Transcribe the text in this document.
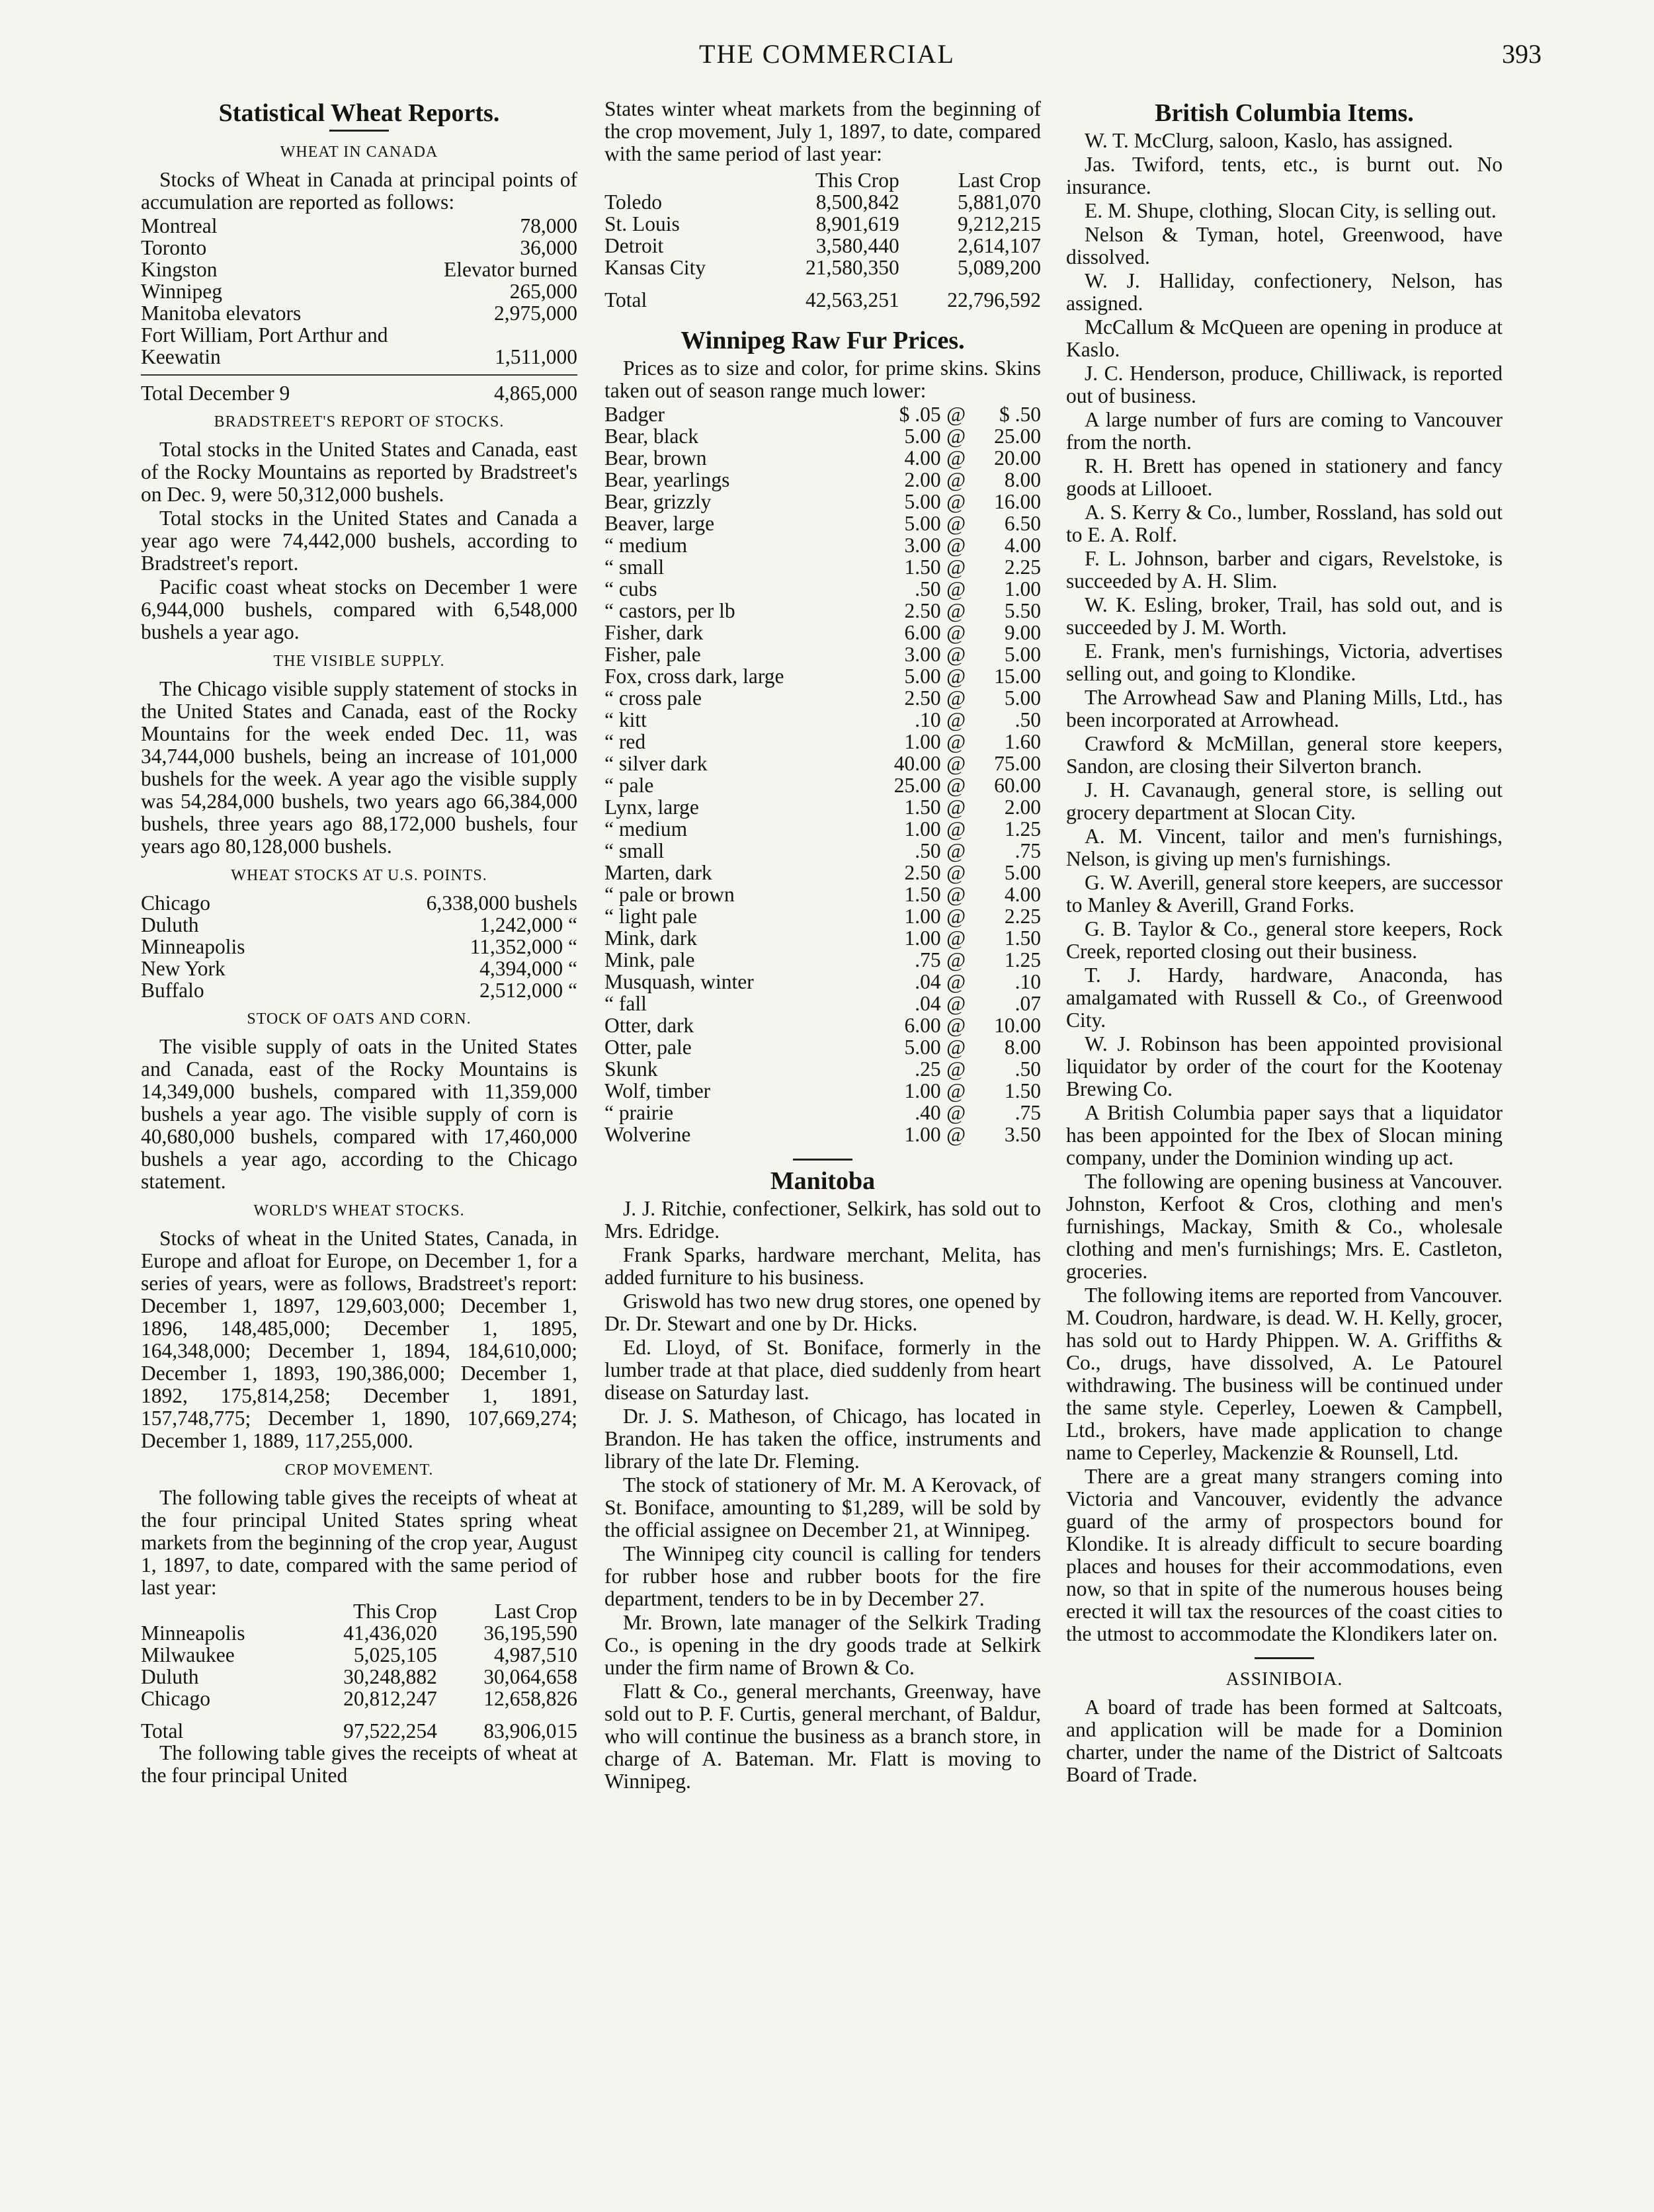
THE COMMERCIAL	393
Statistical Wheat Reports.
WHEAT IN CANADA

Stocks of Wheat in Canada at principal points of accumulation are reported as follows:

Montreal	78,000
Toronto	36,000
Kingston	Elevator burned
Winnipeg	265,000
Manitoba elevators	2,975,000
Fort William, Port Arthur and	
Keewatin	1,511,000
Total December 9	4,865,000
BRADSTREET'S REPORT OF STOCKS.

Total stocks in the United States and Canada, east of the Rocky Mountains as reported by Bradstreet's on Dec. 9, were 50,312,000 bushels.

Total stocks in the United States and Canada a year ago were 74,442,000 bushels, according to Bradstreet's report.

Pacific coast wheat stocks on December 1 were 6,944,000 bushels, compared with 6,548,000 bushels a year ago.

THE VISIBLE SUPPLY.

The Chicago visible supply statement of stocks in the United States and Canada, east of the Rocky Mountains for the week ended Dec. 11, was 34,744,000 bushels, being an increase of 101,000 bushels for the week. A year ago the visible supply was 54,284,000 bushels, two years ago 66,384,000 bushels, three years ago 88,172,000 bushels, four years ago 80,128,000 bushels.

WHEAT STOCKS AT U.S. POINTS.
Chicago	6,338,000 bushels
Duluth	1,242,000 “
Minneapolis	11,352,000 “
New York	4,394,000 “
Buffalo	2,512,000 “
STOCK OF OATS AND CORN.

The visible supply of oats in the United States and Canada, east of the Rocky Mountains is 14,349,000 bushels, compared with 11,359,000 bushels a year ago. The visible supply of corn is 40,680,000 bushels, compared with 17,460,000 bushels a year ago, according to the Chicago statement.

WORLD'S WHEAT STOCKS.

Stocks of wheat in the United States, Canada, in Europe and afloat for Europe, on December 1, for a series of years, were as follows, Bradstreet's report: December 1, 1897, 129,603,000; December 1, 1896, 148,485,000; December 1, 1895, 164,348,000; December 1, 1894, 184,610,000; December 1, 1893, 190,386,000; December 1, 1892, 175,814,258; December 1, 1891, 157,748,775; December 1, 1890, 107,669,274; December 1, 1889, 117,255,000.

CROP MOVEMENT.

The following table gives the receipts of wheat at the four principal United States spring wheat markets from the beginning of the crop year, August 1, 1897, to date, compared with the same period of last year:

	This Crop	Last Crop
Minneapolis	41,436,020	36,195,590
Milwaukee	5,025,105	4,987,510
Duluth	30,248,882	30,064,658
Chicago	20,812,247	12,658,826
Total	97,522,254	83,906,015

The following table gives the receipts of wheat at the four principal United

States winter wheat markets from the beginning of the crop movement, July 1, 1897, to date, compared with the same period of last year:

	This Crop	Last Crop
Toledo	8,500,842	5,881,070
St. Louis	8,901,619	9,212,215
Detroit	3,580,440	2,614,107
Kansas City	21,580,350	5,089,200
Total	42,563,251	22,796,592
Winnipeg Raw Fur Prices.

Prices as to size and color, for prime skins. Skins taken out of season range much lower:

Badger	$ .05	@	$ .50
Bear, black	5.00	@	25.00
Bear, brown	4.00	@	20.00
Bear, yearlings	2.00	@	8.00
Bear, grizzly	5.00	@	16.00
Beaver, large	5.00	@	6.50
“ medium	3.00	@	4.00
“ small	1.50	@	2.25
“ cubs	.50	@	1.00
“ castors, per lb	2.50	@	5.50
Fisher, dark	6.00	@	9.00
Fisher, pale	3.00	@	5.00
Fox, cross dark, large	5.00	@	15.00
“ cross pale	2.50	@	5.00
“ kitt	.10	@	.50
“ red	1.00	@	1.60
“ silver dark	40.00	@	75.00
“ pale	25.00	@	60.00
Lynx, large	1.50	@	2.00
“ medium	1.00	@	1.25
“ small	.50	@	.75
Marten, dark	2.50	@	5.00
“ pale or brown	1.50	@	4.00
“ light pale	1.00	@	2.25
Mink, dark	1.00	@	1.50
Mink, pale	.75	@	1.25
Musquash, winter	.04	@	.10
“ fall	.04	@	.07
Otter, dark	6.00	@	10.00
Otter, pale	5.00	@	8.00
Skunk	.25	@	.50
Wolf, timber	1.00	@	1.50
“ prairie	.40	@	.75
Wolverine	1.00	@	3.50
Manitoba

J. J. Ritchie, confectioner, Selkirk, has sold out to Mrs. Edridge.

Frank Sparks, hardware merchant, Melita, has added furniture to his business.

Griswold has two new drug stores, one opened by Dr. Dr. Stewart and one by Dr. Hicks.

Ed. Lloyd, of St. Boniface, formerly in the lumber trade at that place, died suddenly from heart disease on Saturday last.

Dr. J. S. Matheson, of Chicago, has located in Brandon. He has taken the office, instruments and library of the late Dr. Fleming.

The stock of stationery of Mr. M. A Kerovack, of St. Boniface, amounting to $1,289, will be sold by the official assignee on December 21, at Winnipeg.

The Winnipeg city council is calling for tenders for rubber hose and rubber boots for the fire department, tenders to be in by December 27.

Mr. Brown, late manager of the Selkirk Trading Co., is opening in the dry goods trade at Selkirk under the firm name of Brown & Co.

Flatt & Co., general merchants, Greenway, have sold out to P. F. Curtis, general merchant, of Baldur, who will continue the business as a branch store, in charge of A. Bateman. Mr. Flatt is moving to Winnipeg.

British Columbia Items.

W. T. McClurg, saloon, Kaslo, has assigned.

Jas. Twiford, tents, etc., is burnt out. No insurance.

E. M. Shupe, clothing, Slocan City, is selling out.

Nelson & Tyman, hotel, Greenwood, have dissolved.

W. J. Halliday, confectionery, Nelson, has assigned.

McCallum & McQueen are opening in produce at Kaslo.

J. C. Henderson, produce, Chilliwack, is reported out of business.

A large number of furs are coming to Vancouver from the north.

R. H. Brett has opened in stationery and fancy goods at Lillooet.

A. S. Kerry & Co., lumber, Rossland, has sold out to E. A. Rolf.

F. L. Johnson, barber and cigars, Revelstoke, is succeeded by A. H. Slim.

W. K. Esling, broker, Trail, has sold out, and is succeeded by J. M. Worth.

E. Frank, men's furnishings, Victoria, advertises selling out, and going to Klondike.

The Arrowhead Saw and Planing Mills, Ltd., has been incorporated at Arrowhead.

Crawford & McMillan, general store keepers, Sandon, are closing their Silverton branch.

J. H. Cavanaugh, general store, is selling out grocery department at Slocan City.

A. M. Vincent, tailor and men's furnishings, Nelson, is giving up men's furnishings.

G. W. Averill, general store keepers, are successor to Manley & Averill, Grand Forks.

G. B. Taylor & Co., general store keepers, Rock Creek, reported closing out their business.

T. J. Hardy, hardware, Anaconda, has amalgamated with Russell & Co., of Greenwood City.

W. J. Robinson has been appointed provisional liquidator by order of the court for the Kootenay Brewing Co.

A British Columbia paper says that a liquidator has been appointed for the Ibex of Slocan mining company, under the Dominion winding up act.

The following are opening business at Vancouver. Johnston, Kerfoot & Cros, clothing and men's furnishings, Mackay, Smith & Co., wholesale clothing and men's furnishings; Mrs. E. Castleton, groceries.

The following items are reported from Vancouver. M. Coudron, hardware, is dead. W. H. Kelly, grocer, has sold out to Hardy Phippen. W. A. Griffiths & Co., drugs, have dissolved, A. Le Patourel withdrawing. The business will be continued under the same style. Ceperley, Loewen & Campbell, Ltd., brokers, have made application to change name to Ceperley, Mackenzie & Rounsell, Ltd.

There are a great many strangers coming into Victoria and Vancouver, evidently the advance guard of the army of prospectors bound for Klondike. It is already difficult to secure boarding places and houses for their accommodations, even now, so that in spite of the numerous houses being erected it will tax the resources of the coast cities to the utmost to accommodate the Klondikers later on.

ASSINIBOIA.

A board of trade has been formed at Saltcoats, and application will be made for a Dominion charter, under the name of the District of Saltcoats Board of Trade.
